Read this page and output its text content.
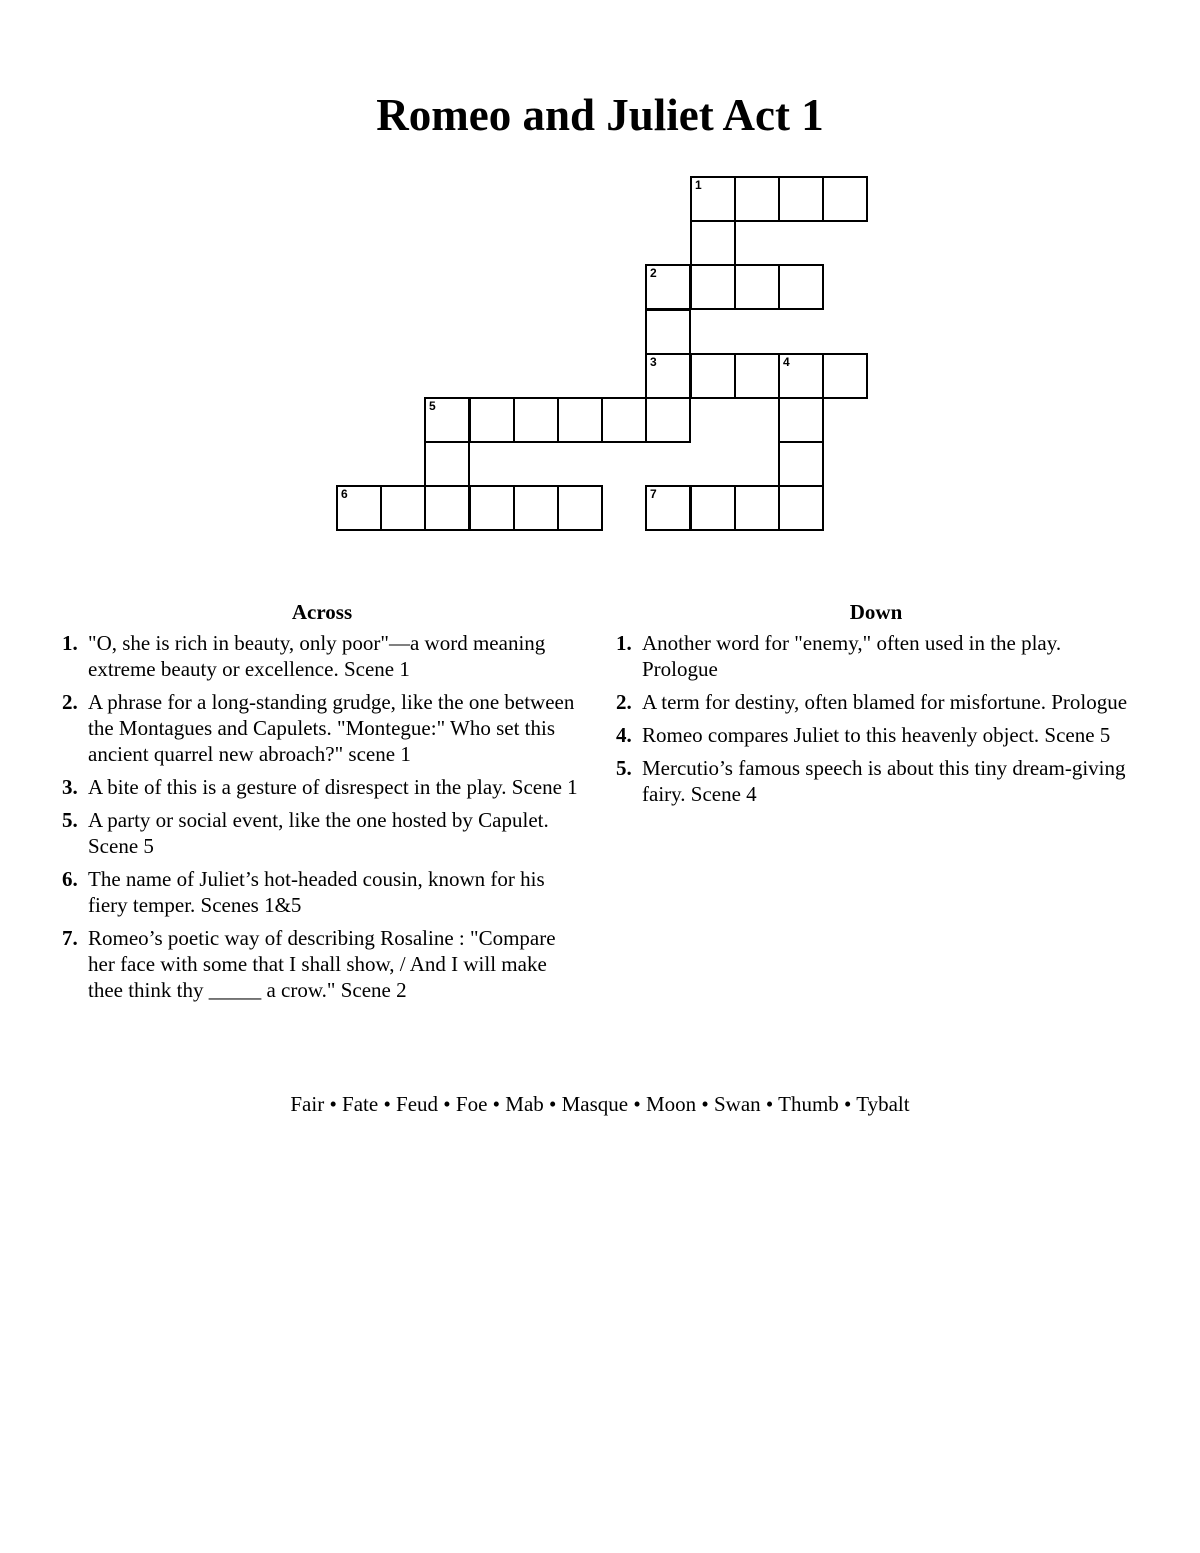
Romeo and Juliet Act 1
1
2
3	4
5
6	7
Across
1. "O, she is rich in beauty, only poor"—a word meaning extreme beauty or excellence. Scene 1
2. A phrase for a long-standing grudge, like the one between the Montagues and Capulets. "Montegue:" Who set this ancient quarrel new abroach?" scene 1
3. A bite of this is a gesture of disrespect in the play. Scene 1
5. A party or social event, like the one hosted by Capulet. Scene 5
6. The name of Juliet’s hot-headed cousin, known for his fiery temper. Scenes 1&5
7. Romeo’s poetic way of describing Rosaline : "Compare her face with some that I shall show, / And I will make thee think thy _____ a crow." Scene 2
Down
1. Another word for "enemy," often used in the play. Prologue
2. A term for destiny, often blamed for misfortune. Prologue
4. Romeo compares Juliet to this heavenly object. Scene 5
5. Mercutio’s famous speech is about this tiny dream-giving fairy. Scene 4
Fair • Fate • Feud • Foe • Mab • Masque • Moon • Swan • Thumb • Tybalt
